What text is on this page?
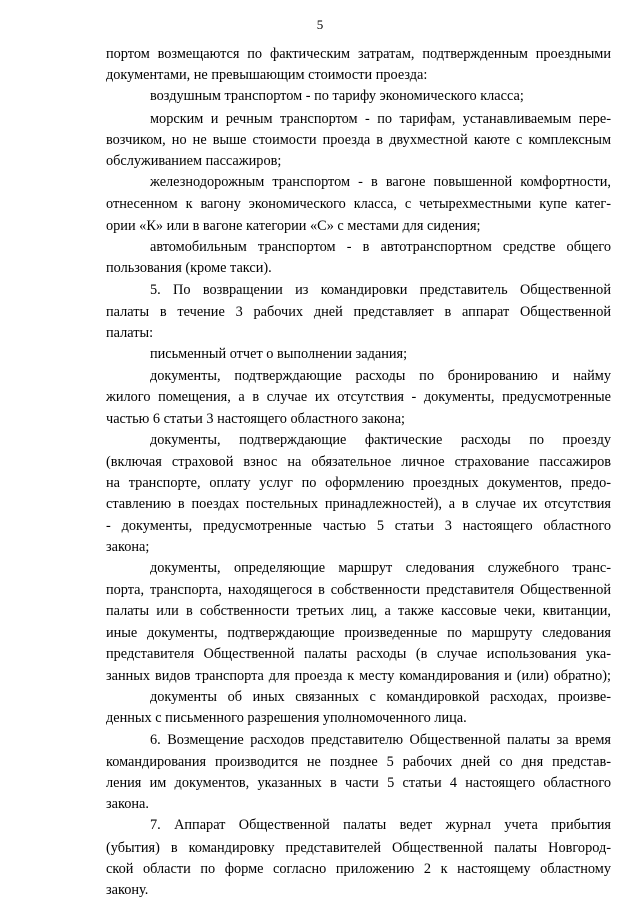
5
портом возмещаются по фактическим затратам, подтвержденным проездными
документами, не превышающим стоимости проезда:
воздушным транспортом - по тарифу экономического класса;
морским и речным транспортом - по тарифам, устанавливаемым пере-
возчиком, но не выше стоимости проезда в двухместной каюте с комплексным
обслуживанием пассажиров;
железнодорожным транспортом - в вагоне повышенной комфортности,
отнесенном к вагону экономического класса, с четырехместными купе катег-
ории «К» или в вагоне категории «С» с местами для сидения;
автомобильным транспортом - в автотранспортном средстве общего
пользования (кроме такси).
5. По возвращении из командировки представитель Общественной
палаты в течение 3 рабочих дней представляет в аппарат Общественной
палаты:
письменный отчет о выполнении задания;
документы, подтверждающие расходы по бронированию и найму
жилого помещения, а в случае их отсутствия - документы, предусмотренные
частью 6 статьи 3 настоящего областного закона;
документы, подтверждающие фактические расходы по проезду
(включая страховой взнос на обязательное личное страхование пассажиров
на транспорте, оплату услуг по оформлению проездных документов, предо-
ставлению в поездах постельных принадлежностей), а в случае их отсутствия
- документы, предусмотренные частью 5 статьи 3 настоящего областного
закона;
документы, определяющие маршрут следования служебного транс-
порта, транспорта, находящегося в собственности представителя Общественной
палаты или в собственности третьих лиц, а также кассовые чеки, квитанции,
иные документы, подтверждающие произведенные по маршруту следования
представителя Общественной палаты расходы (в случае использования ука-
занных видов транспорта для проезда к месту командирования и (или) обратно);
документы об иных связанных с командировкой расходах, произве-
денных с письменного разрешения уполномоченного лица.
6. Возмещение расходов представителю Общественной палаты за время
командирования производится не позднее 5 рабочих дней со дня представ-
ления им документов, указанных в части 5 статьи 4 настоящего областного
закона.
7. Аппарат Общественной палаты ведет журнал учета прибытия
(убытия) в командировку представителей Общественной палаты Новгород-
ской области по форме согласно приложению 2 к настоящему областному
закону.
